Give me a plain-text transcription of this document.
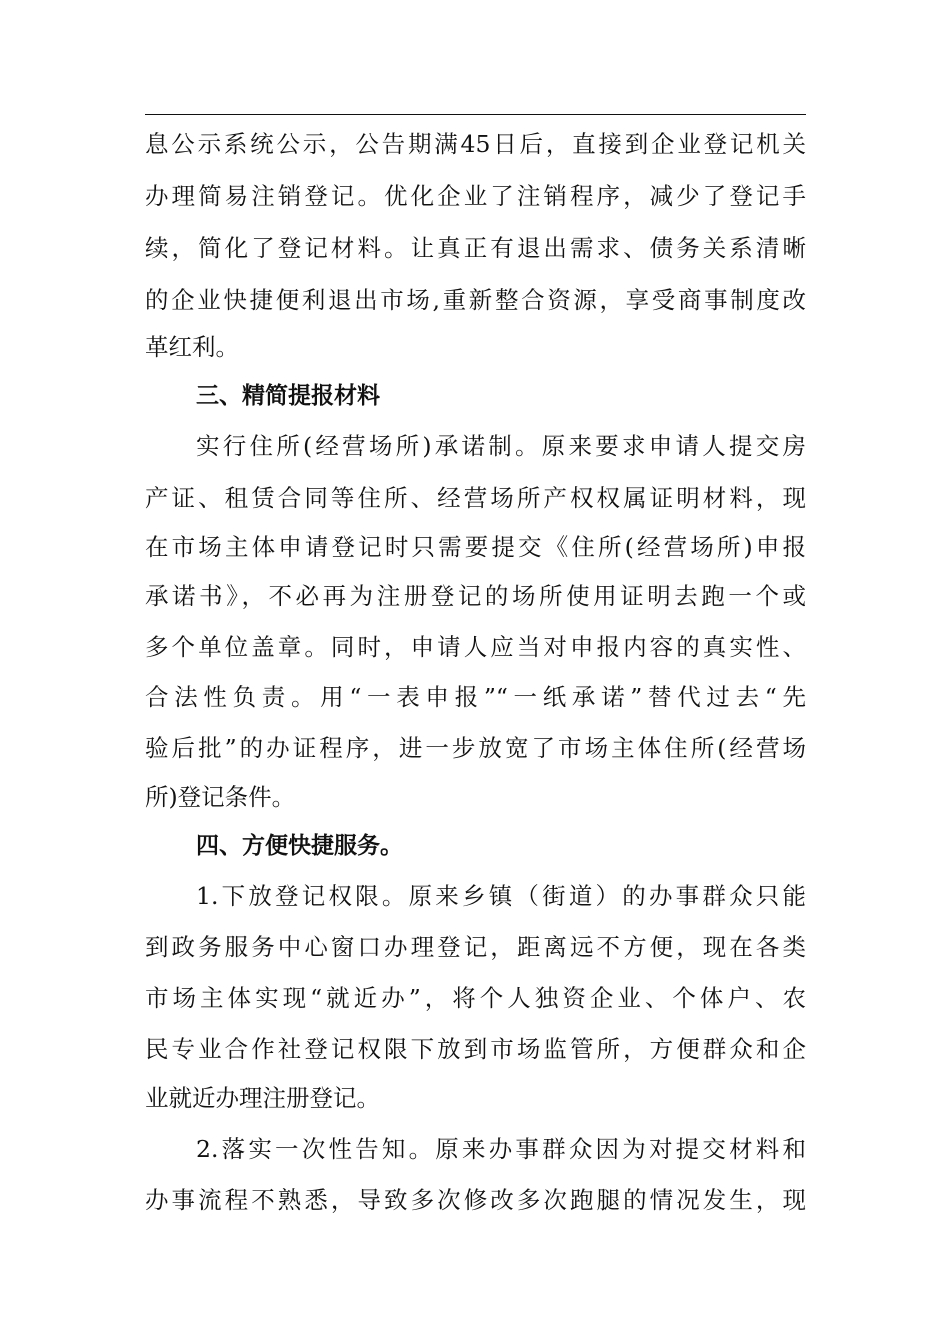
息公示系统公示，公告期满45日后，直接到企业登记机关
办理简易注销登记。优化企业了注销程序，减少了登记手
续，简化了登记材料。让真正有退出需求、债务关系清晰
的企业快捷便利退出市场,重新整合资源，享受商事制度改
革红利。
三、精简提报材料
实行住所(经营场所)承诺制。原来要求申请人提交房
产证、租赁合同等住所、经营场所产权权属证明材料，现
在市场主体申请登记时只需要提交《住所(经营场所)申报
承诺书》，不必再为注册登记的场所使用证明去跑一个或
多个单位盖章。同时，申请人应当对申报内容的真实性、
合法性负责。用“一表申报”“一纸承诺”替代过去“先
验后批”的办证程序，进一步放宽了市场主体住所(经营场
所)登记条件。
四、方便快捷服务。
1.下放登记权限。原来乡镇（街道）的办事群众只能
到政务服务中心窗口办理登记，距离远不方便，现在各类
市场主体实现“就近办”，将个人独资企业、个体户、农
民专业合作社登记权限下放到市场监管所，方便群众和企
业就近办理注册登记。
2.落实一次性告知。原来办事群众因为对提交材料和
办事流程不熟悉，导致多次修改多次跑腿的情况发生，现
